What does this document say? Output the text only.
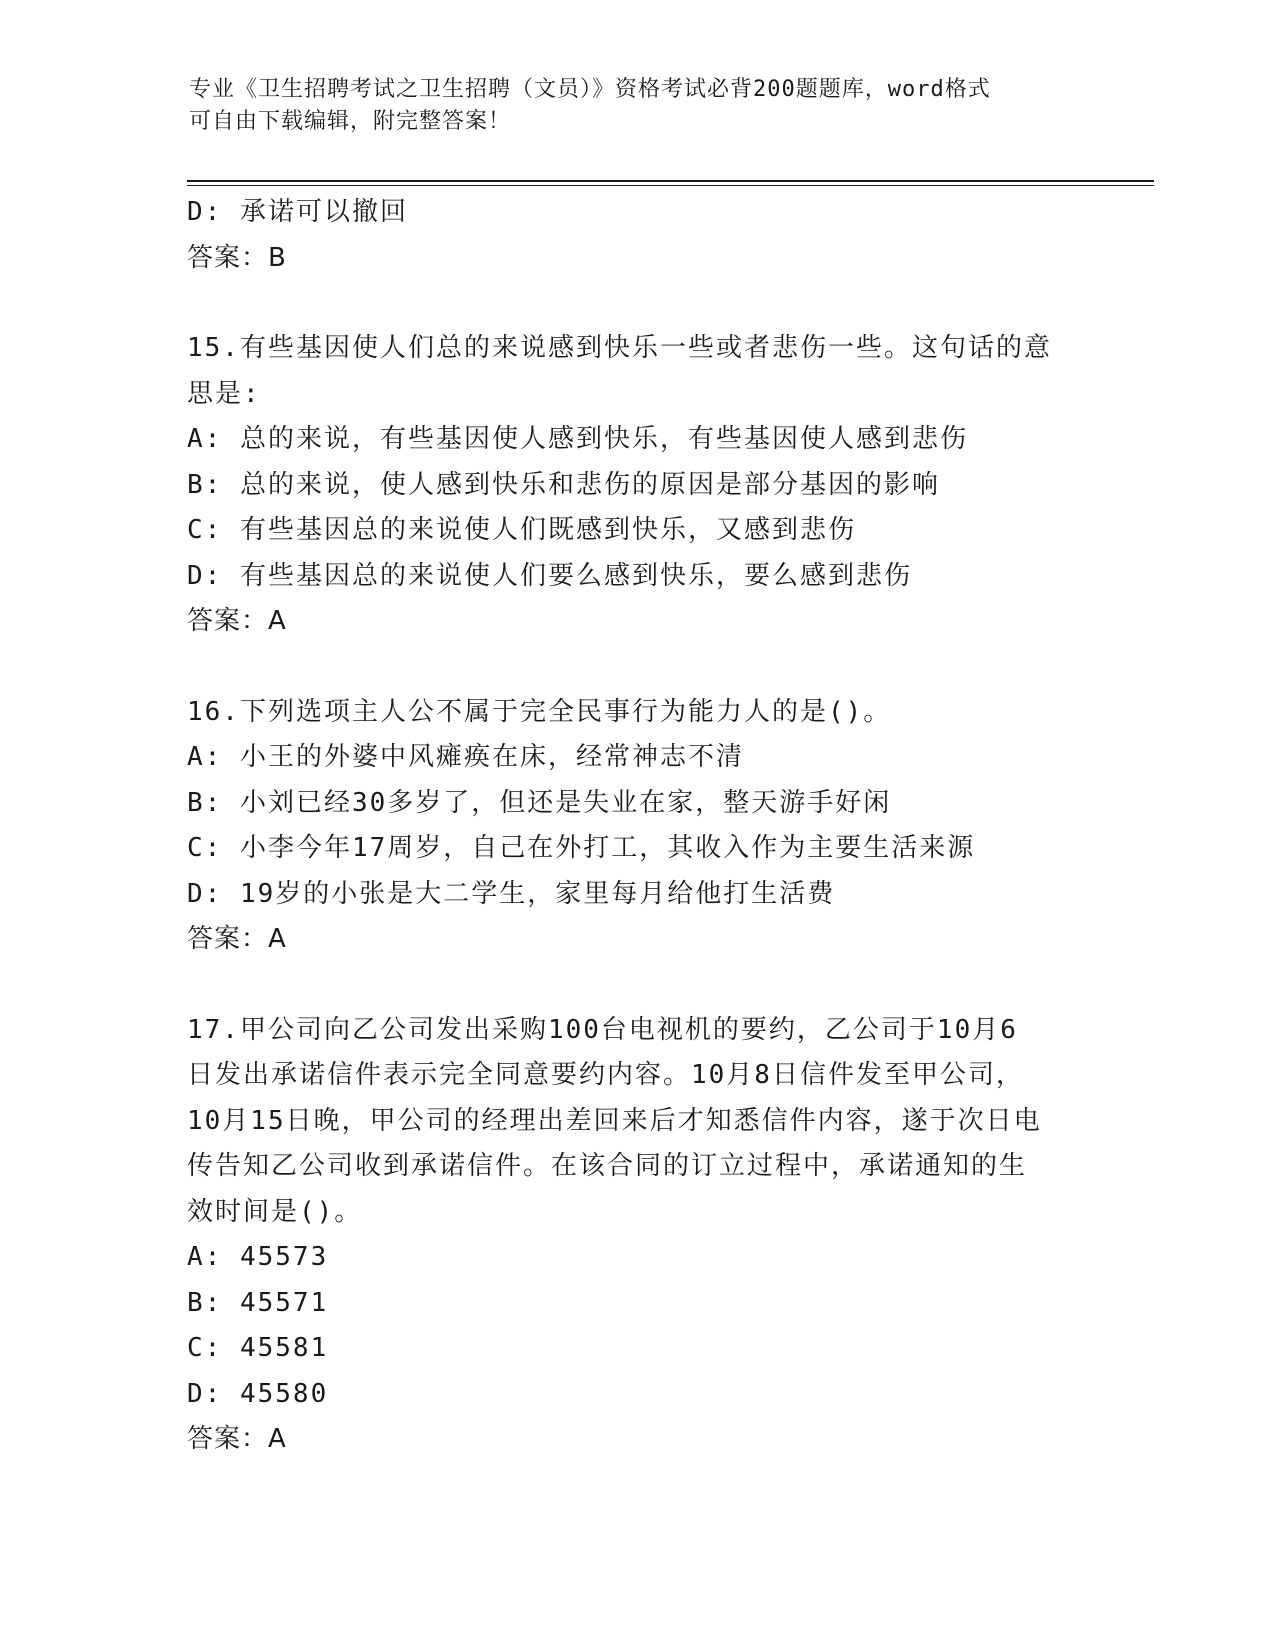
专业《卫生招聘考试之卫生招聘（文员）》资格考试必背200题题库，word格式
可自由下载编辑，附完整答案！
D: 承诺可以撤回
答案：B
15.有些基因使人们总的来说感到快乐一些或者悲伤一些。这句话的意
思是:
A: 总的来说，有些基因使人感到快乐，有些基因使人感到悲伤
B: 总的来说，使人感到快乐和悲伤的原因是部分基因的影响
C: 有些基因总的来说使人们既感到快乐，又感到悲伤
D: 有些基因总的来说使人们要么感到快乐，要么感到悲伤
答案：A
16.下列选项主人公不属于完全民事行为能力人的是()。
A: 小王的外婆中风瘫痪在床，经常神志不清
B: 小刘已经30多岁了，但还是失业在家，整天游手好闲
C: 小李今年17周岁，自己在外打工，其收入作为主要生活来源
D: 19岁的小张是大二学生，家里每月给他打生活费
答案：A
17.甲公司向乙公司发出采购100台电视机的要约，乙公司于10月6
日发出承诺信件表示完全同意要约内容。10月8日信件发至甲公司，
10月15日晚，甲公司的经理出差回来后才知悉信件内容，遂于次日电
传告知乙公司收到承诺信件。在该合同的订立过程中，承诺通知的生
效时间是()。
A: 45573
B: 45571
C: 45581
D: 45580
答案：A
